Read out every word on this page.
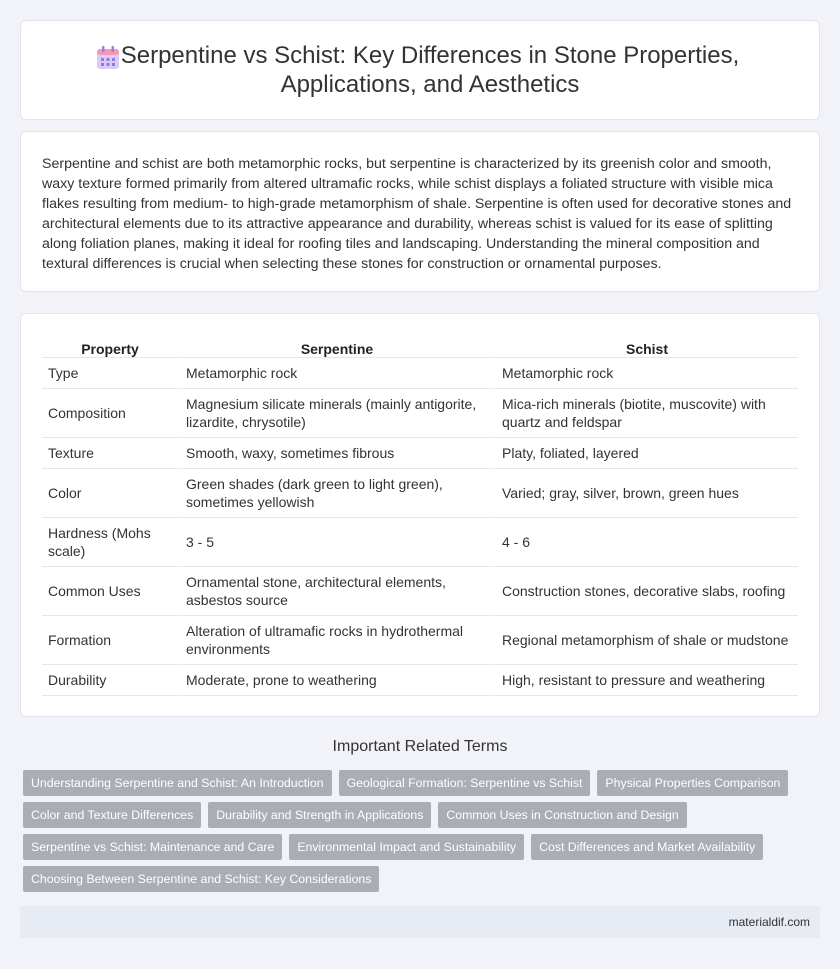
Serpentine vs Schist: Key Differences in Stone Properties, Applications, and Aesthetics

Serpentine and schist are both metamorphic rocks, but serpentine is characterized by its greenish color and smooth, waxy texture formed primarily from altered ultramafic rocks, while schist displays a foliated structure with visible mica flakes resulting from medium- to high-grade metamorphism of shale. Serpentine is often used for decorative stones and architectural elements due to its attractive appearance and durability, whereas schist is valued for its ease of splitting along foliation planes, making it ideal for roofing tiles and landscaping. Understanding the mineral composition and textural differences is crucial when selecting these stones for construction or ornamental purposes.

Property	Serpentine	Schist
Type	Metamorphic rock	Metamorphic rock
Composition	Magnesium silicate minerals (mainly antigorite, lizardite, chrysotile)	Mica-rich minerals (biotite, muscovite) with quartz and feldspar
Texture	Smooth, waxy, sometimes fibrous	Platy, foliated, layered
Color	Green shades (dark green to light green), sometimes yellowish	Varied; gray, silver, brown, green hues
Hardness (Mohs scale)	3 - 5	4 - 6
Common Uses	Ornamental stone, architectural elements, asbestos source	Construction stones, decorative slabs, roofing
Formation	Alteration of ultramafic rocks in hydrothermal environments	Regional metamorphism of shale or mudstone
Durability	Moderate, prone to weathering	High, resistant to pressure and weathering
Important Related Terms
Understanding Serpentine and Schist: An Introduction	Geological Formation: Serpentine vs Schist	Physical Properties Comparison
Color and Texture Differences	Durability and Strength in Applications	Common Uses in Construction and Design
Serpentine vs Schist: Maintenance and Care	Environmental Impact and Sustainability	Cost Differences and Market Availability
Choosing Between Serpentine and Schist: Key Considerations
materialdif.com
